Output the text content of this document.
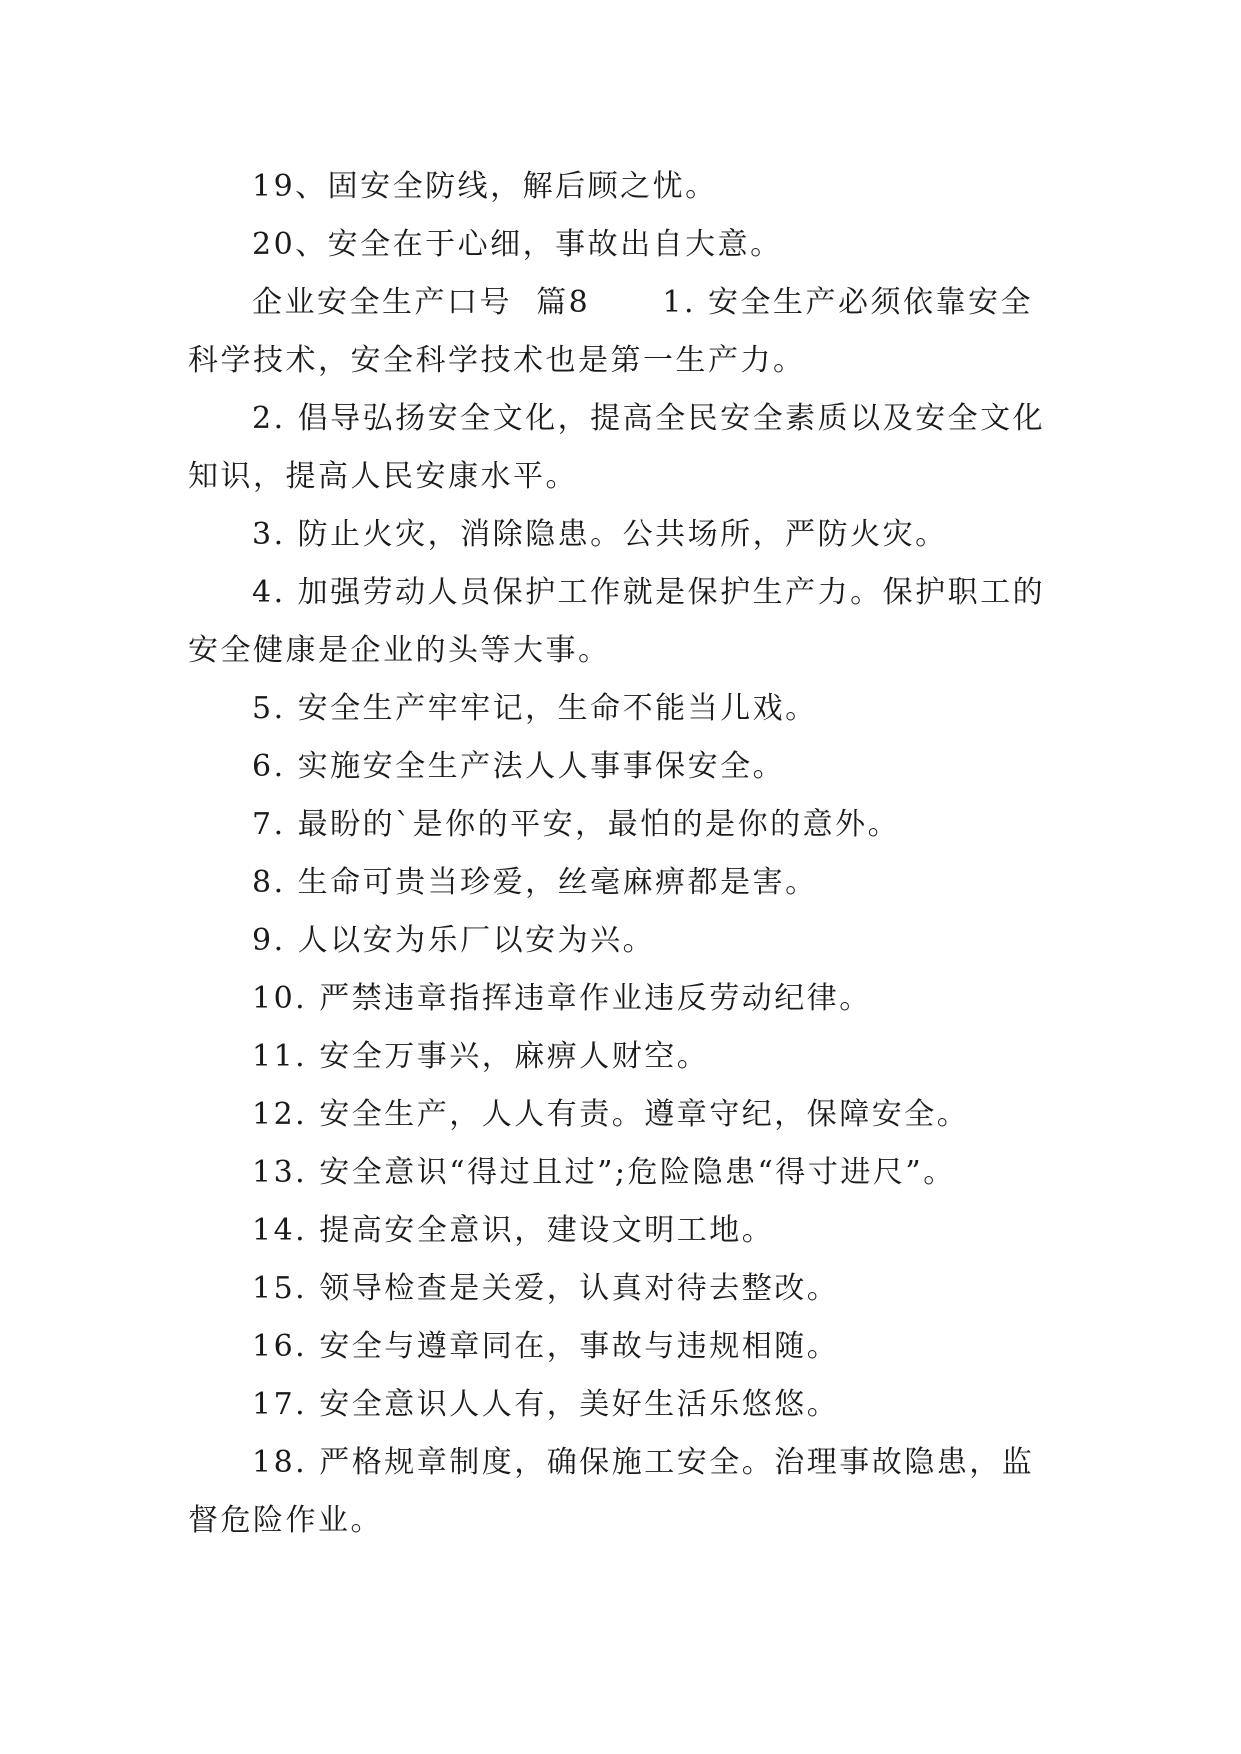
19、固安全防线，解后顾之忧。

20、安全在于心细，事故出自大意。

企业安全生产口号  篇8      1. 安全生产必须依靠安全科学技术，安全科学技术也是第一生产力。

2. 倡导弘扬安全文化，提高全民安全素质以及安全文化知识，提高人民安康水平。

3. 防止火灾，消除隐患。公共场所，严防火灾。

4. 加强劳动人员保护工作就是保护生产力。保护职工的安全健康是企业的头等大事。

5. 安全生产牢牢记，生命不能当儿戏。

6. 实施安全生产法人人事事保安全。

7. 最盼的`是你的平安，最怕的是你的意外。

8. 生命可贵当珍爱，丝毫麻痹都是害。

9. 人以安为乐厂以安为兴。

10. 严禁违章指挥违章作业违反劳动纪律。

11. 安全万事兴，麻痹人财空。

12. 安全生产，人人有责。遵章守纪，保障安全。

13. 安全意识“得过且过”;危险隐患“得寸进尺”。

14. 提高安全意识，建设文明工地。

15. 领导检查是关爱，认真对待去整改。

16. 安全与遵章同在，事故与违规相随。

17. 安全意识人人有，美好生活乐悠悠。

18. 严格规章制度，确保施工安全。治理事故隐患，监督危险作业。
